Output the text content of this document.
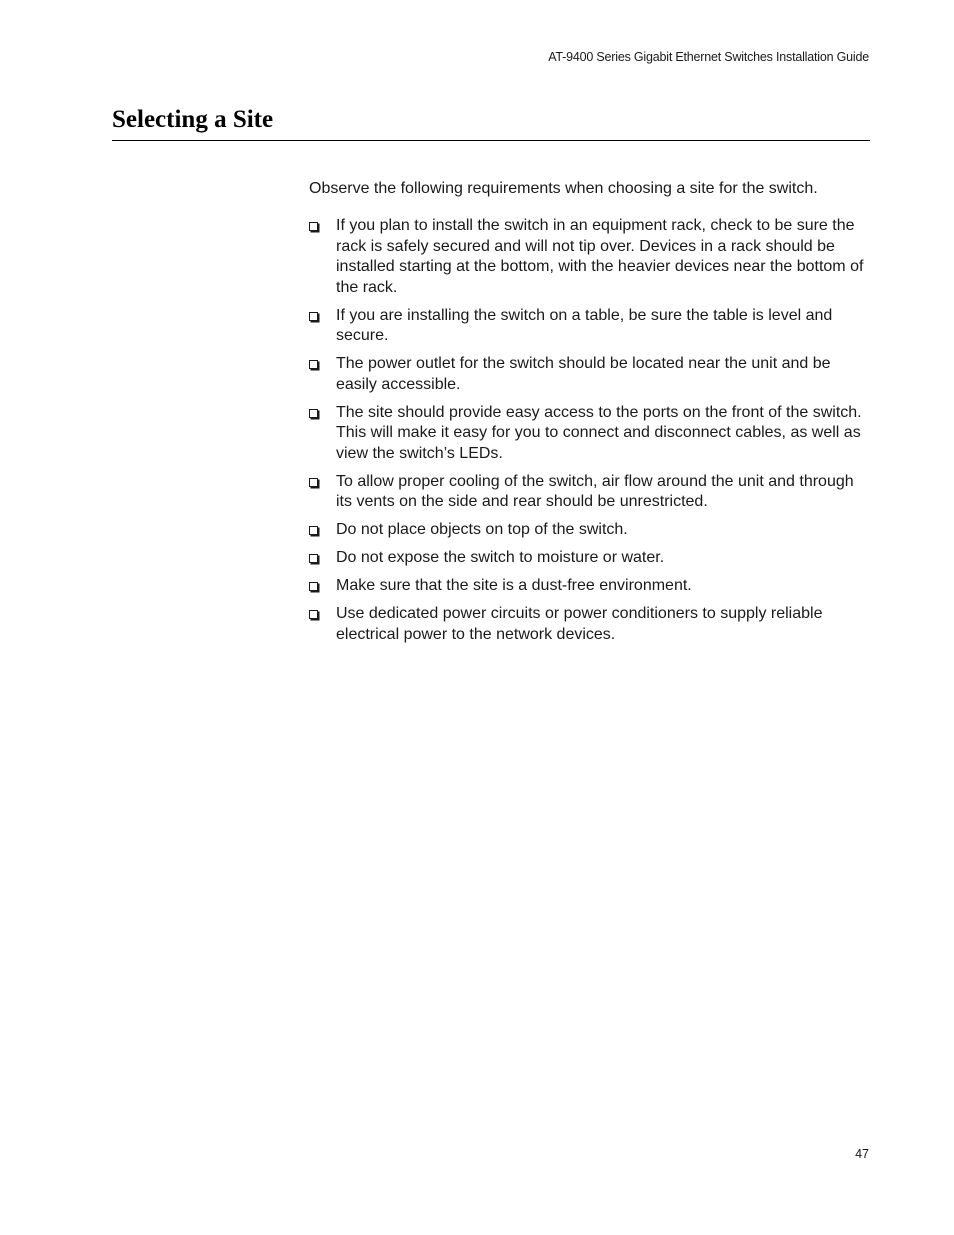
AT-9400 Series Gigabit Ethernet Switches Installation Guide
Selecting a Site

Observe the following requirements when choosing a site for the switch.

If you plan to install the switch in an equipment rack, check to be sure the rack is safely secured and will not tip over. Devices in a rack should be installed starting at the bottom, with the heavier devices near the bottom of the rack.
If you are installing the switch on a table, be sure the table is level and secure.
The power outlet for the switch should be located near the unit and be easily accessible.
The site should provide easy access to the ports on the front of the switch. This will make it easy for you to connect and disconnect cables, as well as view the switch’s LEDs.
To allow proper cooling of the switch, air flow around the unit and through its vents on the side and rear should be unrestricted.
Do not place objects on top of the switch.
Do not expose the switch to moisture or water.
Make sure that the site is a dust-free environment.
Use dedicated power circuits or power conditioners to supply reliable electrical power to the network devices.
47
